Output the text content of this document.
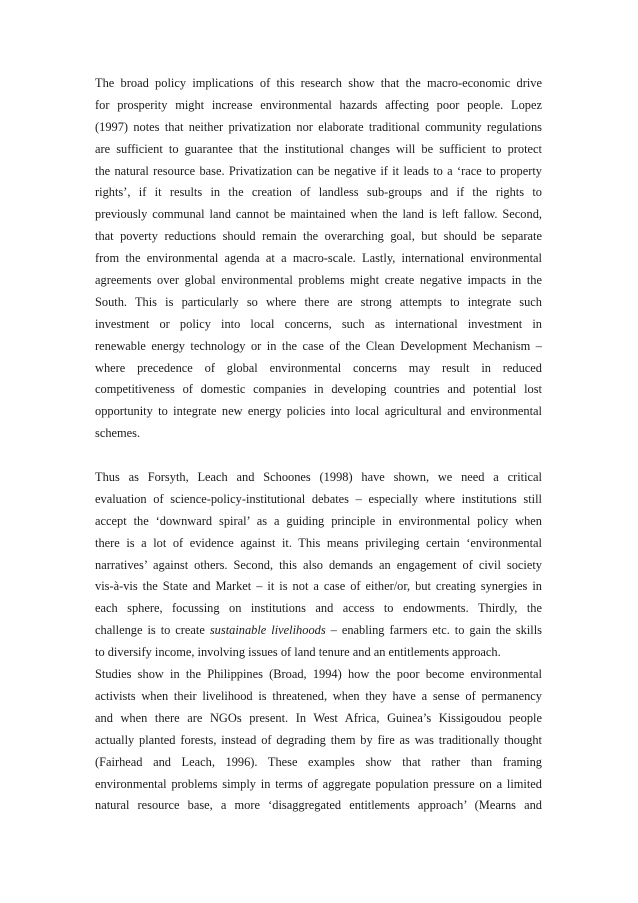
The broad policy implications of this research show that the macro-economic drive
for prosperity might increase environmental hazards affecting poor people. Lopez
(1997) notes that neither privatization nor elaborate traditional community regulations
are sufficient to guarantee that the institutional changes will be sufficient to protect
the natural resource base. Privatization can be negative if it leads to a ‘race to property
rights’, if it results in the creation of landless sub-groups and if the rights to
previously communal land cannot be maintained when the land is left fallow. Second,
that poverty reductions should remain the overarching goal, but should be separate
from the environmental agenda at a macro-scale. Lastly, international environmental
agreements over global environmental problems might create negative impacts in the
South. This is particularly so where there are strong attempts to integrate such
investment or policy into local concerns, such as international investment in
renewable energy technology or in the case of the Clean Development Mechanism –
where precedence of global environmental concerns may result in reduced
competitiveness of domestic companies in developing countries and potential lost
opportunity to integrate new energy policies into local agricultural and environmental
schemes.
Thus as Forsyth, Leach and Schoones (1998) have shown, we need a critical
evaluation of science-policy-institutional debates – especially where institutions still
accept the ‘downward spiral’ as a guiding principle in environmental policy when
there is a lot of evidence against it. This means privileging certain ‘environmental
narratives’ against others. Second, this also demands an engagement of civil society
vis-à-vis the State and Market – it is not a case of either/or, but creating synergies in
each sphere, focussing on institutions and access to endowments. Thirdly, the
challenge is to create sustainable livelihoods – enabling farmers etc. to gain the skills
to diversify income, involving issues of land tenure and an entitlements approach.
Studies show in the Philippines (Broad, 1994) how the poor become environmental
activists when their livelihood is threatened, when they have a sense of permanency
and when there are NGOs present. In West Africa, Guinea’s Kissigoudou people
actually planted forests, instead of degrading them by fire as was traditionally thought
(Fairhead and Leach, 1996). These examples show that rather than framing
environmental problems simply in terms of aggregate population pressure on a limited
natural resource base, a more ‘disaggregated entitlements approach’ (Mearns and
